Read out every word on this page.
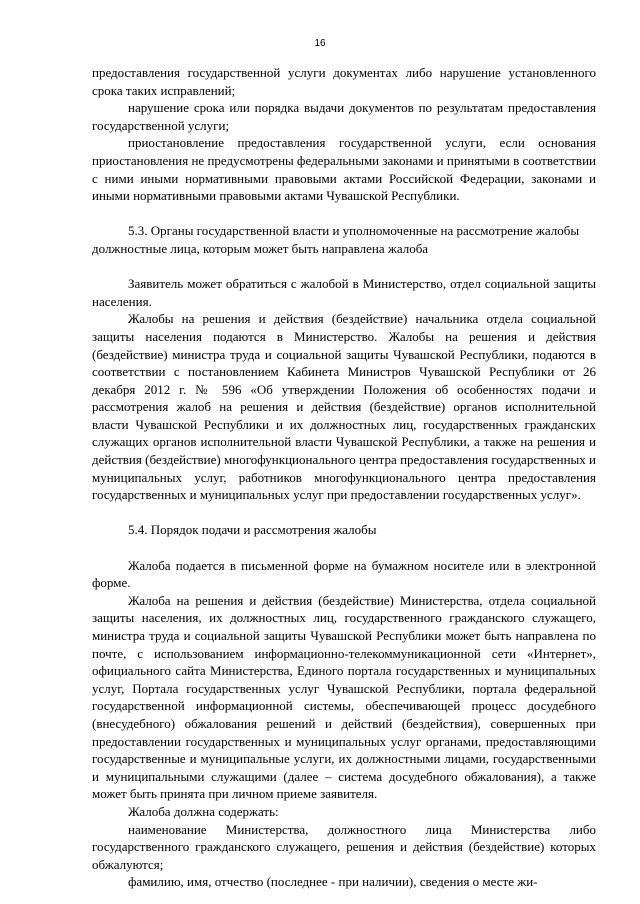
16

предоставления государственной услуги документах либо нарушение установленного срока таких исправлений;

нарушение срока или порядка выдачи документов по результатам предоставления государственной услуги;

приостановление предоставления государственной услуги, если основания приостановления не предусмотрены федеральными законами и принятыми в соответствии с ними иными нормативными правовыми актами Российской Федерации, законами и иными нормативными правовыми актами Чувашской Республики.

5.3. Органы государственной власти и уполномоченные на рассмотрение жалобы должностные лица, которым может быть направлена жалоба

Заявитель может обратиться с жалобой в Министерство, отдел социальной защиты населения.

Жалобы на решения и действия (бездействие) начальника отдела социальной защиты населения подаются в Министерство. Жалобы на решения и действия (бездействие) министра труда и социальной защиты Чувашской Республики, подаются в соответствии с постановлением Кабинета Министров Чувашской Республики от 26 декабря 2012 г. № 596 «Об утверждении Положения об особенностях подачи и рассмотрения жалоб на решения и действия (бездействие) органов исполнительной власти Чувашской Республики и их должностных лиц, государственных гражданских служащих органов исполнительной власти Чувашской Республики, а также на решения и действия (бездействие) многофункционального центра предоставления государственных и муниципальных услуг, работников многофункционального центра предоставления государственных и муниципальных услуг при предоставлении государственных услуг».

5.4. Порядок подачи и рассмотрения жалобы

Жалоба подается в письменной форме на бумажном носителе или в электронной форме.

Жалоба на решения и действия (бездействие) Министерства, отдела социальной защиты населения, их должностных лиц, государственного гражданского служащего, министра труда и социальной защиты Чувашской Республики может быть направлена по почте, с использованием информационно-телекоммуникационной сети «Интернет», официального сайта Министерства, Единого портала государственных и муниципальных услуг, Портала государственных услуг Чувашской Республики, портала федеральной государственной информационной системы, обеспечивающей процесс досудебного (внесудебного) обжалования решений и действий (бездействия), совершенных при предоставлении государственных и муниципальных услуг органами, предоставляющими государственные и муниципальные услуги, их должностными лицами, государственными и муниципальными служащими (далее – система досудебного обжалования), а также может быть принята при личном приеме заявителя.

Жалоба должна содержать:

наименование Министерства, должностного лица Министерства либо государственного гражданского служащего, решения и действия (бездействие) которых обжалуются;

фамилию, имя, отчество (последнее - при наличии), сведения о месте жи-
